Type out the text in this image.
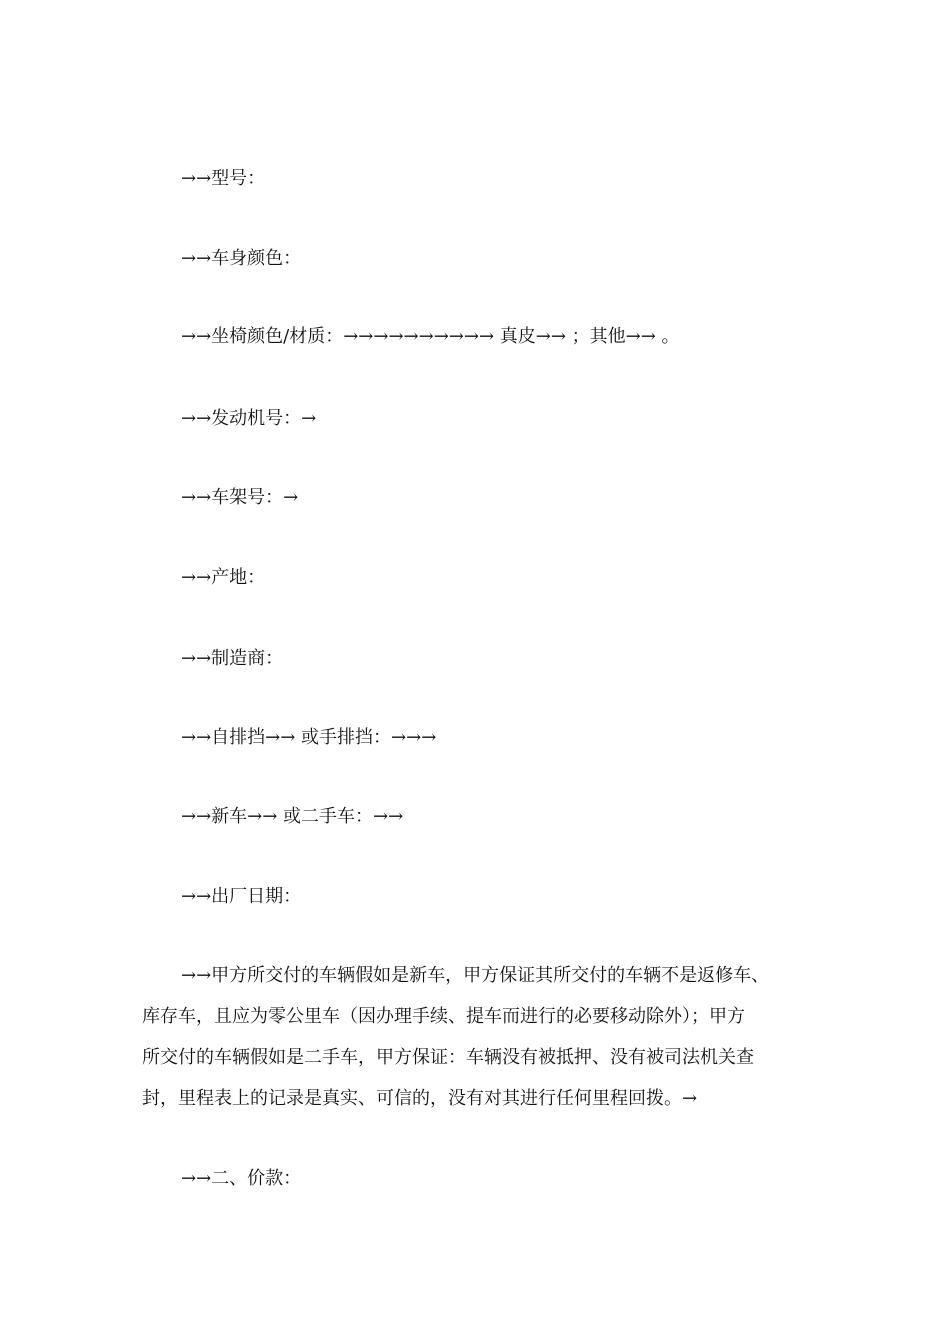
→→型号：
→→车身颜色：
→→坐椅颜色/材质：→→→→→→→→→→ 真皮→→ ；其他→→ 。
→→发动机号：→
→→车架号：→
→→产地：
→→制造商：
→→自排挡→→ 或手排挡：→→→
→→新车→→ 或二手车：→→
→→出厂日期：
→→甲方所交付的车辆假如是新车，甲方保证其所交付的车辆不是返修车、
库存车，且应为零公里车（因办理手续、提车而进行的必要移动除外）；甲方
所交付的车辆假如是二手车，甲方保证：车辆没有被抵押、没有被司法机关查
封，里程表上的记录是真实、可信的，没有对其进行任何里程回拨。→
→→二、价款：
